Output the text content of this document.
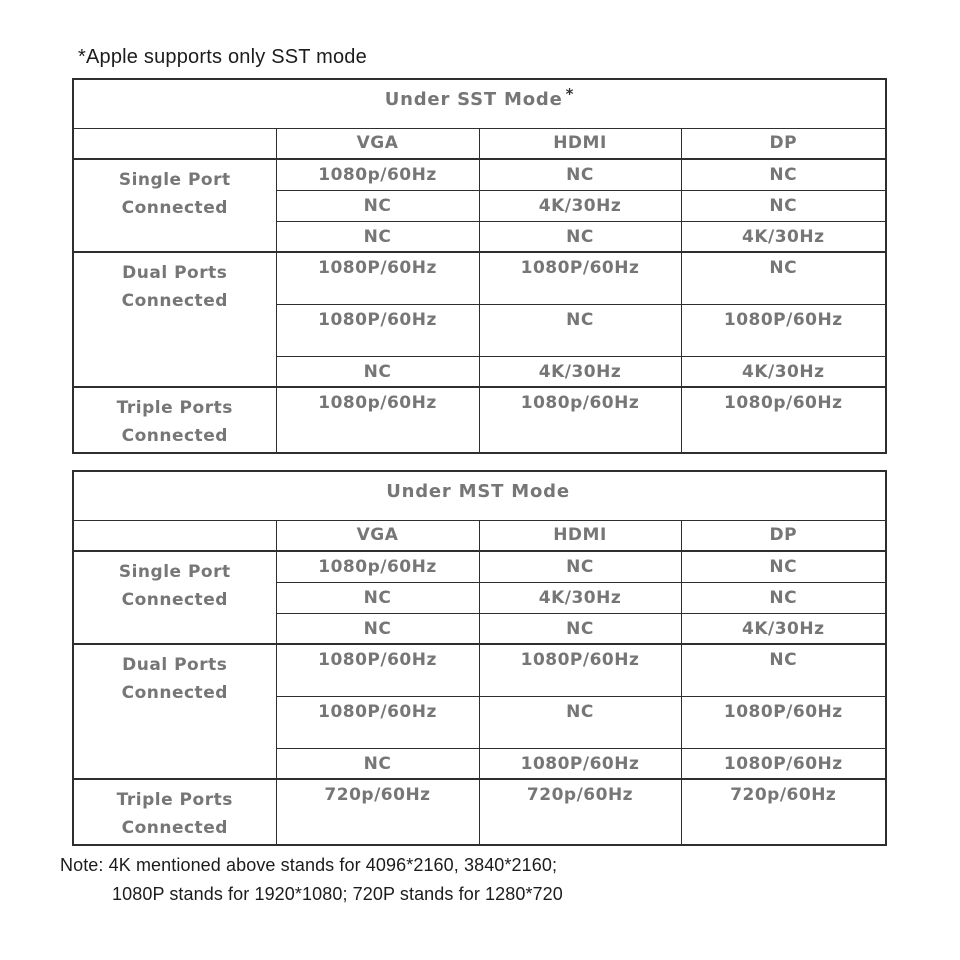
*Apple supports only SST mode
Under SST Mode *
	VGA	HDMI	DP

Single Port
Connected	1080p/60Hz	NC	NC
	NC	4K/30Hz	NC
	NC	NC	4K/30Hz

Dual Ports
Connected	1080P/60Hz	1080P/60Hz	NC
	1080P/60Hz	NC	1080P/60Hz
	NC	4K/30Hz	4K/30Hz

Triple Ports
Connected	1080p/60Hz	1080p/60Hz	1080p/60Hz
Under MST Mode			
	VGA	HDMI	DP

Single Port
Connected	1080p/60Hz	NC	NC
	NC	4K/30Hz	NC
	NC	NC	4K/30Hz

Dual Ports
Connected	1080P/60Hz	1080P/60Hz	NC
	1080P/60Hz	NC	1080P/60Hz
	NC	1080P/60Hz	1080P/60Hz

Triple Ports
Connected	720p/60Hz	720p/60Hz	720p/60Hz
Note: 4K mentioned above stands for 4096*2160, 3840*2160;
1080P stands for 1920*1080; 720P stands for 1280*720
